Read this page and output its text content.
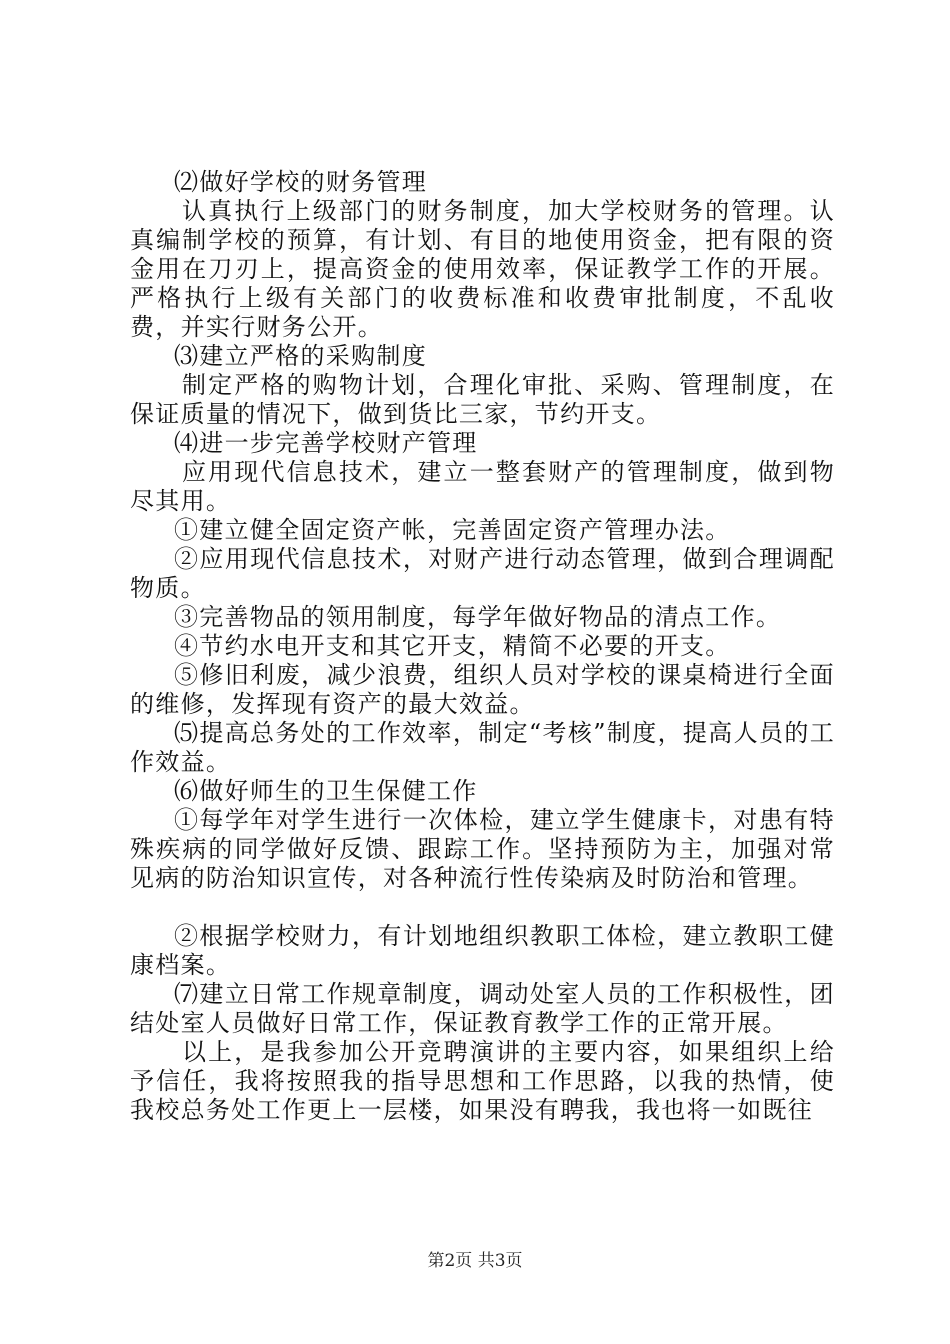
⑵做好学校的财务管理

认真执行上级部门的财务制度，加大学校财务的管理。认真编制学校的预算，有计划、有目的地使用资金，把有限的资金用在刀刃上，提高资金的使用效率，保证教学工作的开展。严格执行上级有关部门的收费标准和收费审批制度，不乱收费，并实行财务公开。

⑶建立严格的采购制度

制定严格的购物计划，合理化审批、采购、管理制度，在保证质量的情况下，做到货比三家，节约开支。

⑷进一步完善学校财产管理

应用现代信息技术，建立一整套财产的管理制度，做到物尽其用。

①建立健全固定资产帐，完善固定资产管理办法。

②应用现代信息技术，对财产进行动态管理，做到合理调配物质。

③完善物品的领用制度，每学年做好物品的清点工作。

④节约水电开支和其它开支，精简不必要的开支。

⑤修旧利废，减少浪费，组织人员对学校的课桌椅进行全面的维修，发挥现有资产的最大效益。

⑸提高总务处的工作效率，制定“考核”制度，提高人员的工作效益。

⑹做好师生的卫生保健工作

①每学年对学生进行一次体检，建立学生健康卡，对患有特殊疾病的同学做好反馈、跟踪工作。坚持预防为主，加强对常见病的防治知识宣传，对各种流行性传染病及时防治和管理。

②根据学校财力，有计划地组织教职工体检，建立教职工健康档案。

⑺建立日常工作规章制度，调动处室人员的工作积极性，团结处室人员做好日常工作，保证教育教学工作的正常开展。

以上，是我参加公开竞聘演讲的主要内容，如果组织上给予信任，我将按照我的指导思想和工作思路，以我的热情，使我校总务处工作更上一层楼，如果没有聘我，我也将一如既往

第2页 共3页
